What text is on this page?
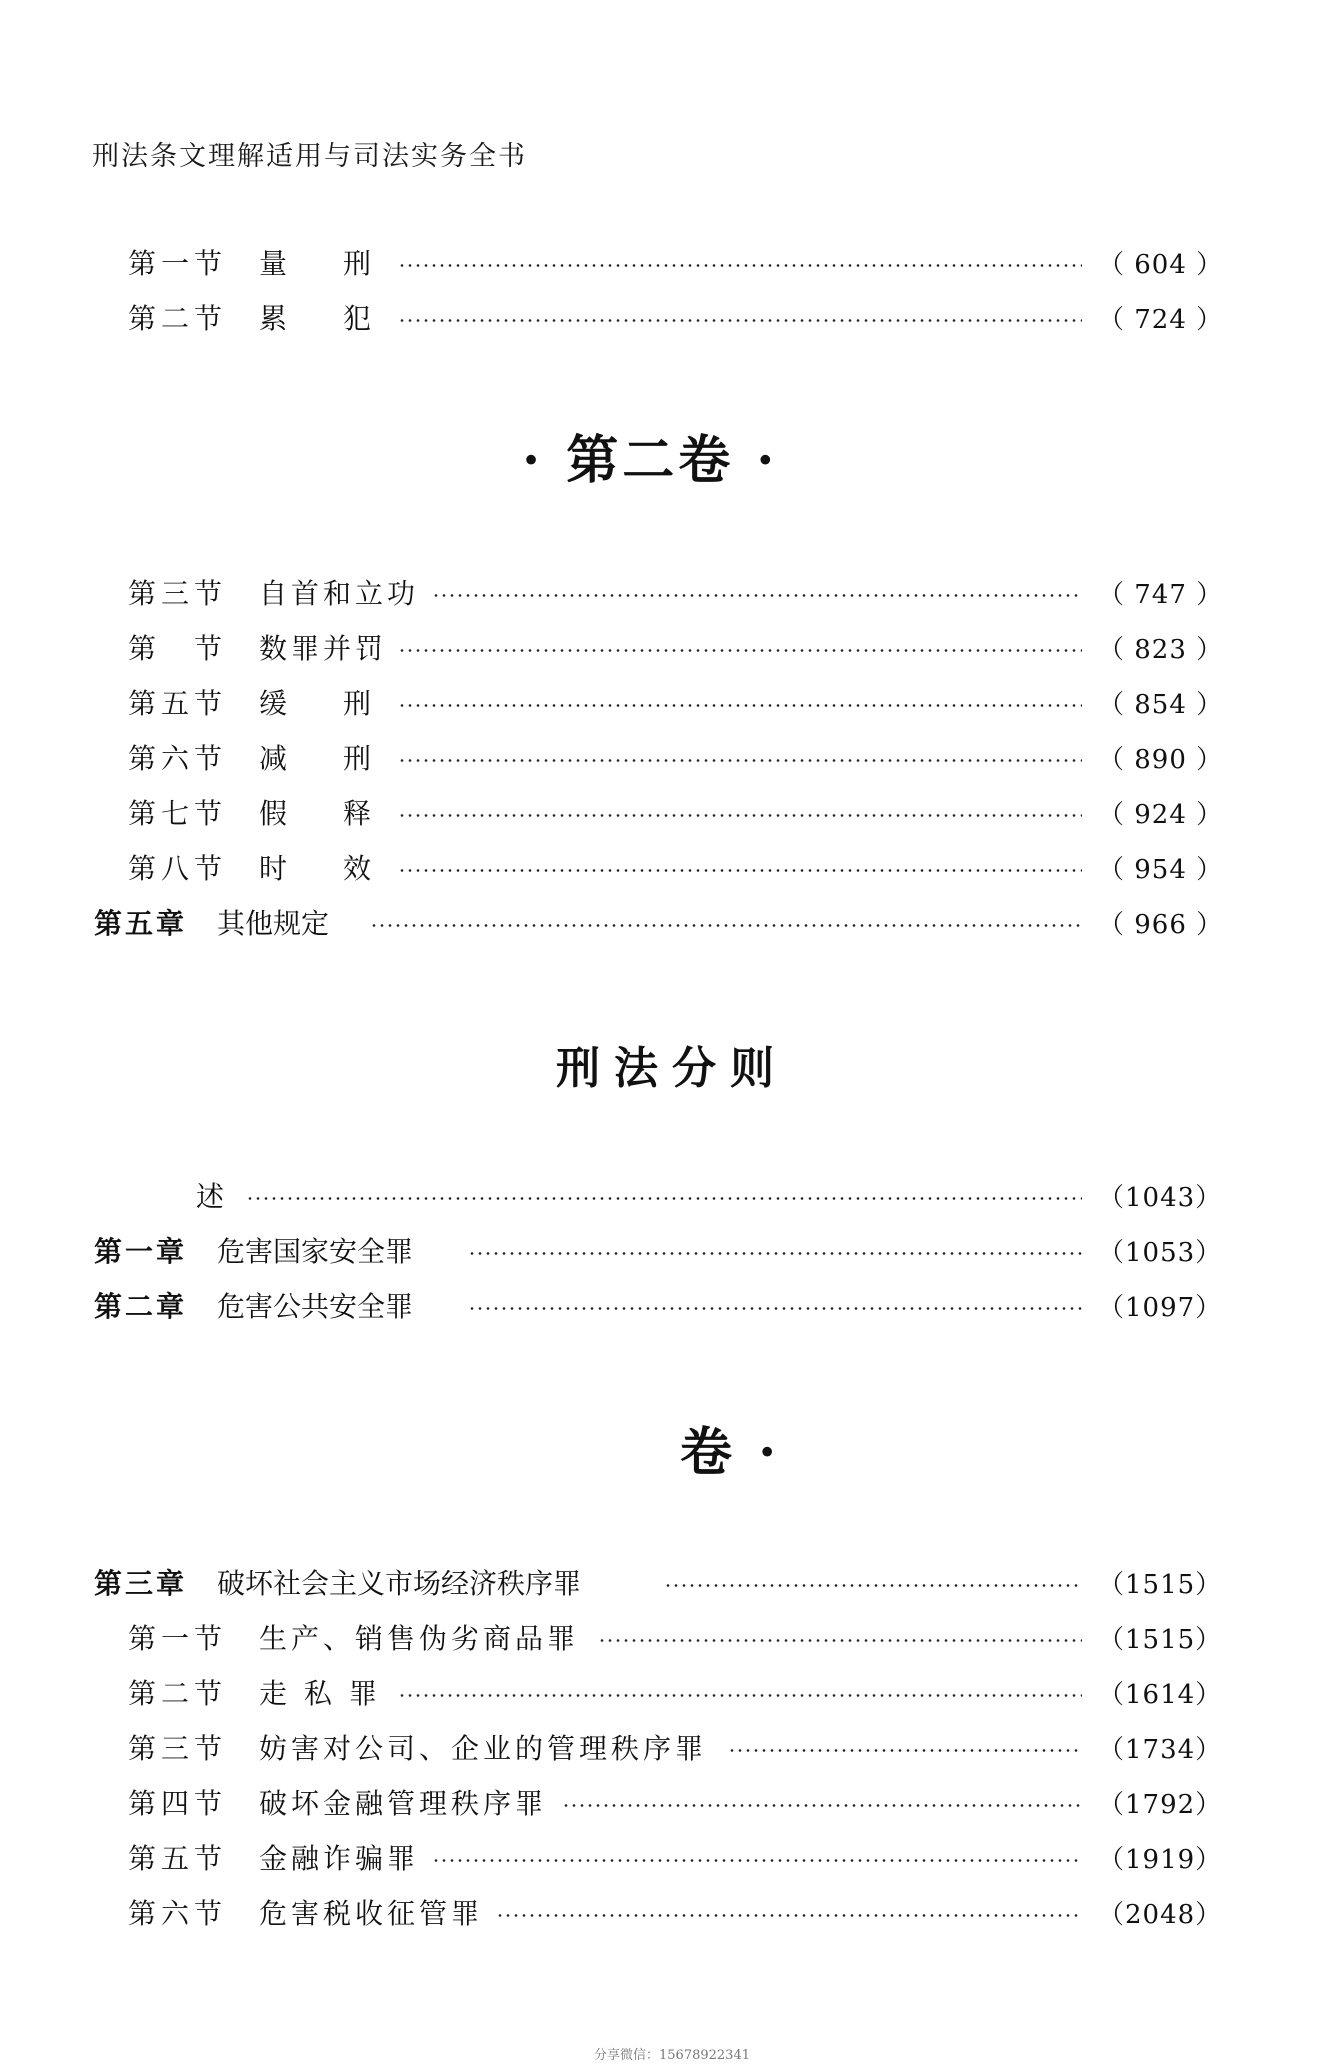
刑法条文理解适用与司法实务全书
第一节 量　　刑	（ 604 ）
第二节 累　　犯	（ 724 ）
· 第二卷 ·
第三节 自首和立功	（ 747 ）
第　节 数罪并罚	（ 823 ）
第五节 缓　　刑	（ 854 ）
第六节 减　　刑	（ 890 ）
第七节 假　　释	（ 924 ）
第八节 时　　效	（ 954 ）
第五章 其他规定	（ 966 ）
刑法分则
述	（1043）
第一章 危害国家安全罪	（1053）
第二章 危害公共安全罪	（1097）
卷 ·
第三章 破坏社会主义市场经济秩序罪	（1515）
第一节 生产、销售伪劣商品罪	（1515）
第二节 走 私 罪	（1614）
第三节 妨害对公司、企业的管理秩序罪	（1734）
第四节 破坏金融管理秩序罪	（1792）
第五节 金融诈骗罪	（1919）
第六节 危害税收征管罪	（2048）
分享微信：15678922341
